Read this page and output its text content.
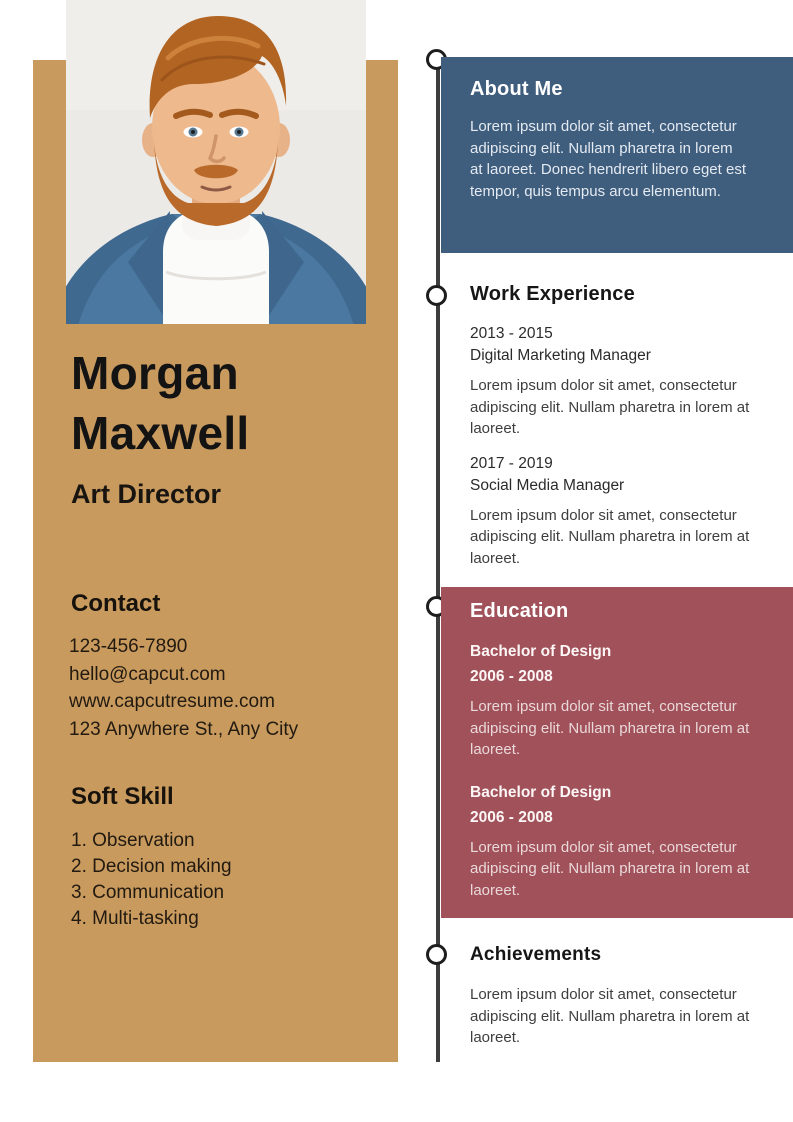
Morgan
Maxwell
Art Director
Contact
123-456-7890
hello@capcut.com
www.capcutresume.com
123 Anywhere St., Any City
Soft Skill
1. Observation
2. Decision making
3. Communication
4. Multi-tasking
About Me

Lorem ipsum dolor sit amet, consectetur adipiscing elit. Nullam pharetra in lorem at laoreet. Donec hendrerit libero eget est tempor, quis tempus arcu elementum.

Work Experience

2013 - 2015

Digital Marketing Manager

Lorem ipsum dolor sit amet, consectetur adipiscing elit. Nullam pharetra in lorem at laoreet.

2017 - 2019

Social Media Manager

Lorem ipsum dolor sit amet, consectetur adipiscing elit. Nullam pharetra in lorem at laoreet.

Education

Bachelor of Design

2006 - 2008

Lorem ipsum dolor sit amet, consectetur adipiscing elit. Nullam pharetra in lorem at laoreet.

Bachelor of Design

2006 - 2008

Lorem ipsum dolor sit amet, consectetur adipiscing elit. Nullam pharetra in lorem at laoreet.

Achievements

Lorem ipsum dolor sit amet, consectetur adipiscing elit. Nullam pharetra in lorem at laoreet.
